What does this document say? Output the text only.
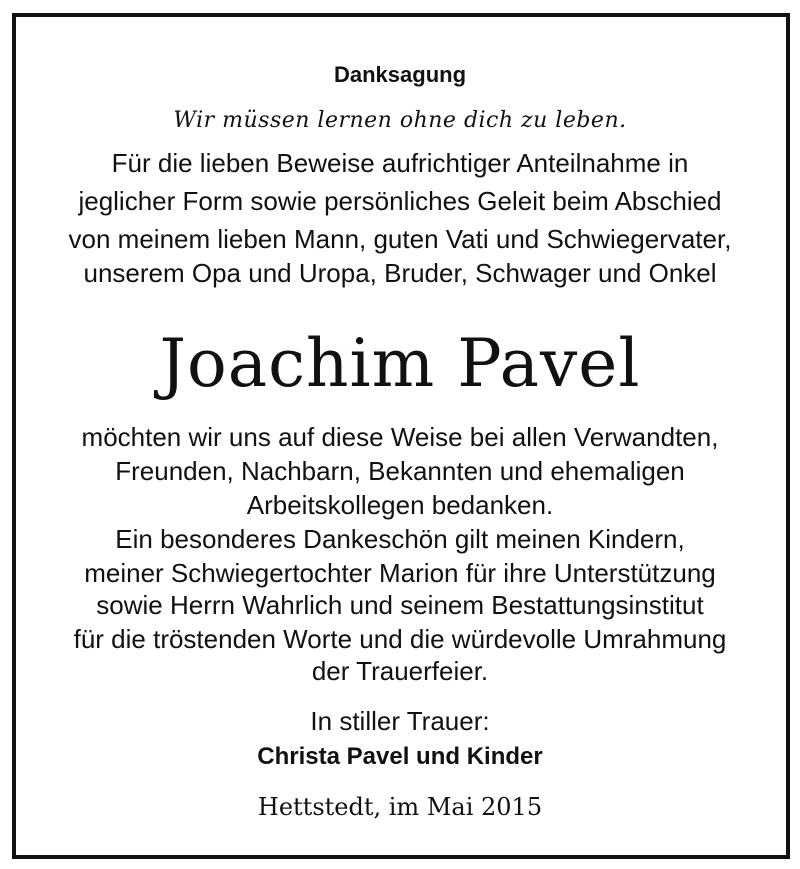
Danksagung
Wir müssen lernen ohne dich zu leben.
Für die lieben Beweise aufrichtiger Anteilnahme in
jeglicher Form sowie persönliches Geleit beim Abschied
von meinem lieben Mann, guten Vati und Schwiegervater,
unserem Opa und Uropa, Bruder, Schwager und Onkel
Joachim Pavel
möchten wir uns auf diese Weise bei allen Verwandten,
Freunden, Nachbarn, Bekannten und ehemaligen
Arbeitskollegen bedanken.
Ein besonderes Dankeschön gilt meinen Kindern,
meiner Schwiegertochter Marion für ihre Unterstützung
sowie Herrn Wahrlich und seinem Bestattungsinstitut
für die tröstenden Worte und die würdevolle Umrahmung
der Trauerfeier.
In stiller Trauer:
Christa Pavel und Kinder
Hettstedt, im Mai 2015
